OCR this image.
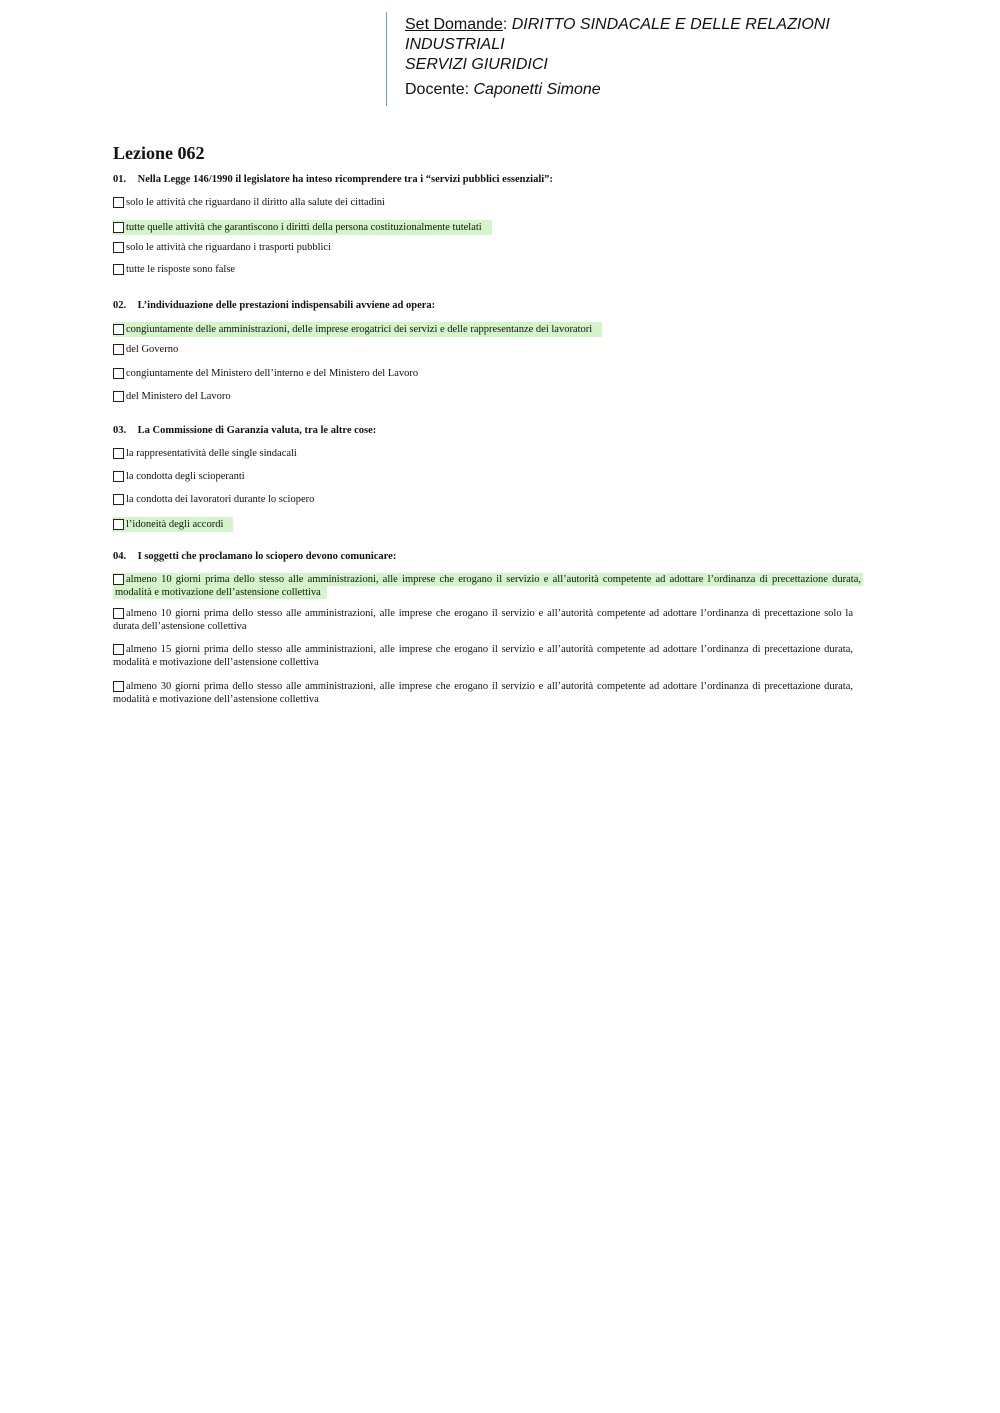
Set Domande: DIRITTO SINDACALE E DELLE RELAZIONI
INDUSTRIALI
SERVIZI GIURIDICI
Docente: Caponetti Simone
Lezione 062
01. Nella Legge 146/1990 il legislatore ha inteso ricomprendere tra i “servizi pubblici essenziali”:
solo le attività che riguardano il diritto alla salute dei cittadini
tutte quelle attività che garantiscono i diritti della persona costituzionalmente tutelati
solo le attività che riguardano i trasporti pubblici
tutte le risposte sono false
02. L’individuazione delle prestazioni indispensabili avviene ad opera:
congiuntamente delle amministrazioni, delle imprese erogatrici dei servizi e delle rappresentanze dei lavoratori
del Governo
congiuntamente del Ministero dell’interno e del Ministero del Lavoro
del Ministero del Lavoro
03. La Commissione di Garanzia valuta, tra le altre cose:
la rappresentatività delle single sindacali
la condotta degli scioperanti
la condotta dei lavoratori durante lo sciopero
l’idoneità degli accordi
04. I soggetti che proclamano lo sciopero devono comunicare:
almeno 10 giorni prima dello stesso alle amministrazioni, alle imprese che erogano il servizio e all’autorità competente ad adottare l’ordinanza di precettazione durata,
modalità e motivazione dell’astensione collettiva
almeno 10 giorni prima dello stesso alle amministrazioni, alle imprese che erogano il servizio e all’autorità competente ad adottare l’ordinanza di precettazione solo la durata dell’astensione collettiva
almeno 15 giorni prima dello stesso alle amministrazioni, alle imprese che erogano il servizio e all’autorità competente ad adottare l’ordinanza di precettazione durata, modalità e motivazione dell’astensione collettiva
almeno 30 giorni prima dello stesso alle amministrazioni, alle imprese che erogano il servizio e all’autorità competente ad adottare l’ordinanza di precettazione durata, modalità e motivazione dell’astensione collettiva
